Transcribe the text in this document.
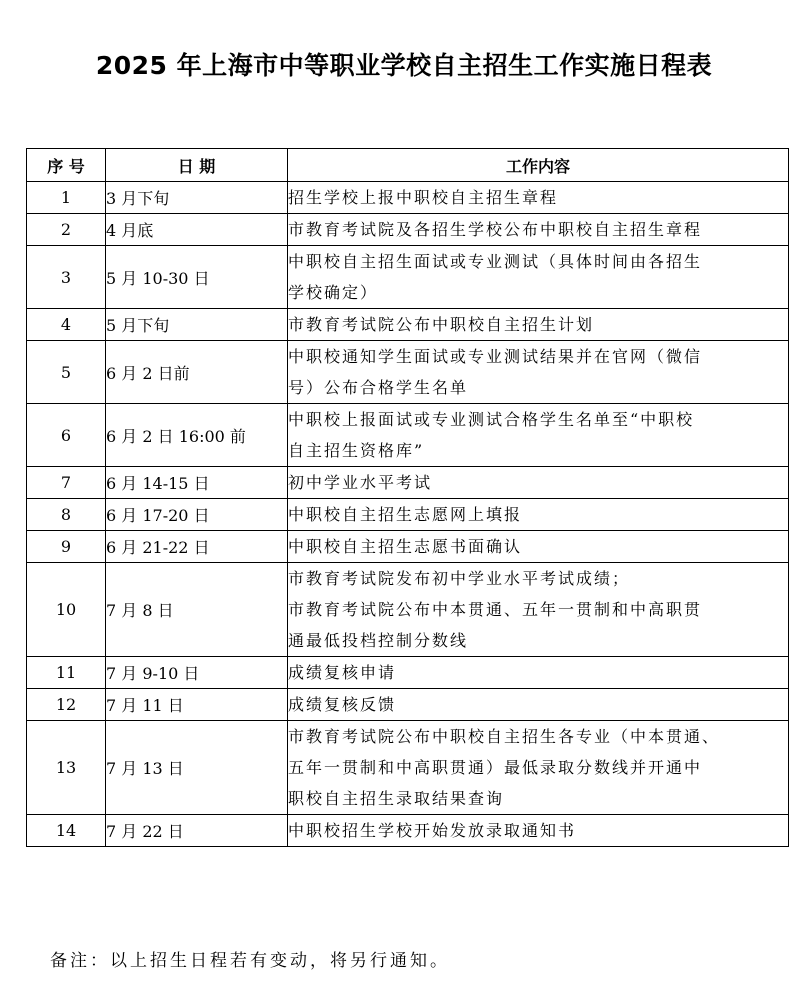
2025 年上海市中等职业学校自主招生工作实施日程表
序 号	日 期	工作内容
1	3 月下旬	招生学校上报中职校自主招生章程

2	4 月底	市教育考试院及各招生学校公布中职校自主招生章程

3	5 月 10-30 日	中职校自主招生面试或专业测试（具体时间由各招生
学校确定）

4	5 月下旬	市教育考试院公布中职校自主招生计划

5	6 月 2 日前	中职校通知学生面试或专业测试结果并在官网（微信
号）公布合格学生名单

6	6 月 2 日 16:00 前	中职校上报面试或专业测试合格学生名单至“中职校
自主招生资格库”

7	6 月 14-15 日	初中学业水平考试

8	6 月 17-20 日	中职校自主招生志愿网上填报

9	6 月 21-22 日	中职校自主招生志愿书面确认

10	7 月 8 日	市教育考试院发布初中学业水平考试成绩；
市教育考试院公布中本贯通、五年一贯制和中高职贯
通最低投档控制分数线

11	7 月 9-10 日	成绩复核申请

12	7 月 11 日	成绩复核反馈

13	7 月 13 日	市教育考试院公布中职校自主招生各专业（中本贯通、
五年一贯制和中高职贯通）最低录取分数线并开通中
职校自主招生录取结果查询

14	7 月 22 日	中职校招生学校开始发放录取通知书
备注：以上招生日程若有变动，将另行通知。
